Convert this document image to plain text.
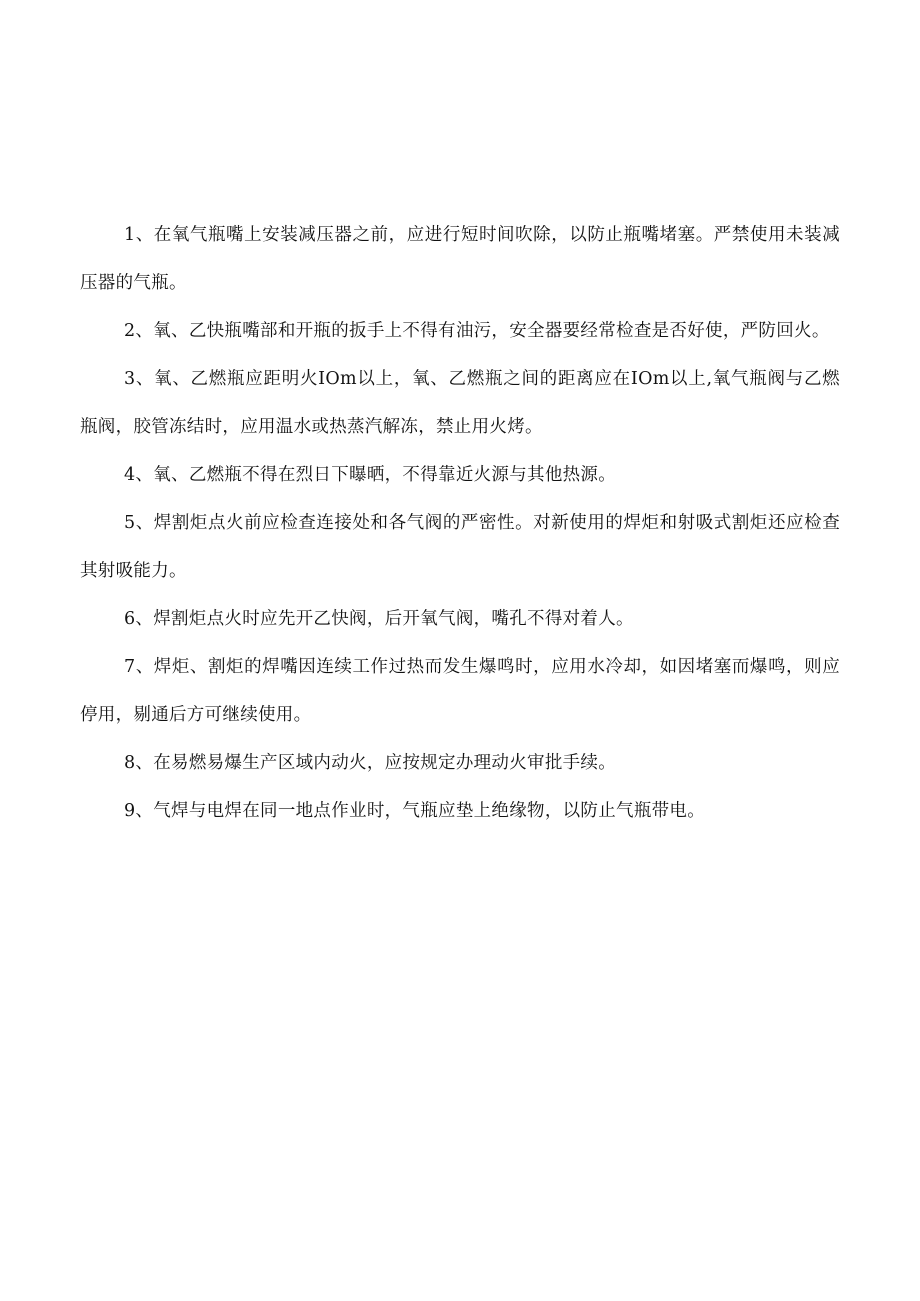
1、在氧气瓶嘴上安装减压器之前，应进行短时间吹除，以防止瓶嘴堵塞。严禁使用未装减压器的气瓶。

2、氧、乙快瓶嘴部和开瓶的扳手上不得有油污，安全器要经常检查是否好使，严防回火。

3、氧、乙燃瓶应距明火IOm以上，氧、乙燃瓶之间的距离应在IOm以上,氧气瓶阀与乙燃瓶阀，胶管冻结时，应用温水或热蒸汽解冻，禁止用火烤。

4、氧、乙燃瓶不得在烈日下曝晒，不得靠近火源与其他热源。

5、焊割炬点火前应检查连接处和各气阀的严密性。对新使用的焊炬和射吸式割炬还应检查其射吸能力。

6、焊割炬点火时应先开乙快阀，后开氧气阀，嘴孔不得对着人。

7、焊炬、割炬的焊嘴因连续工作过热而发生爆鸣时，应用水冷却，如因堵塞而爆鸣，则应停用，剔通后方可继续使用。

8、在易燃易爆生产区域内动火，应按规定办理动火审批手续。

9、气焊与电焊在同一地点作业时，气瓶应垫上绝缘物，以防止气瓶带电。
